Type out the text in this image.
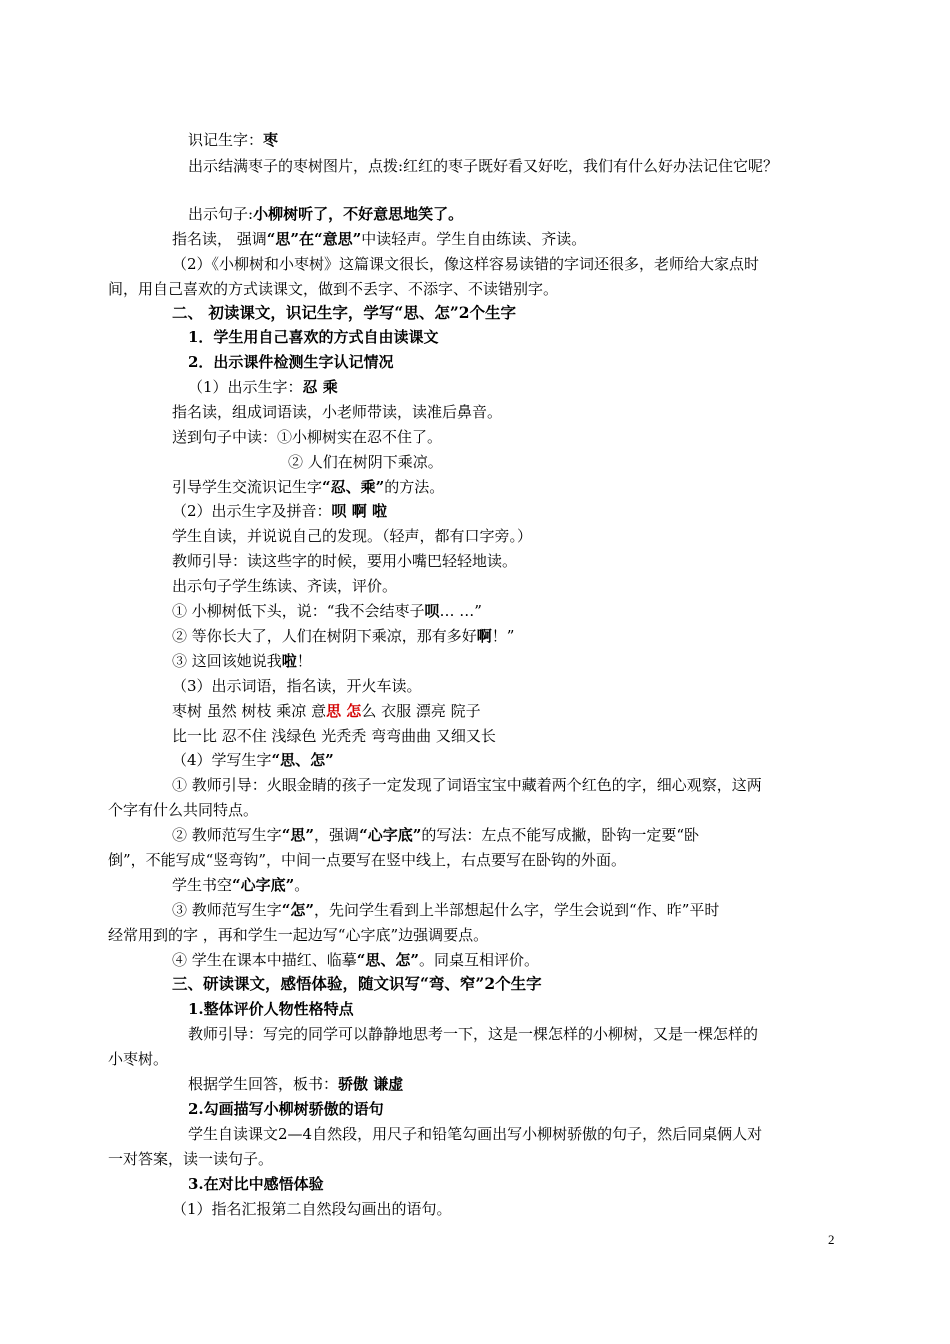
识记生字：枣
出示结满枣子的枣树图片，点拨:红红的枣子既好看又好吃，我们有什么好办法记住它呢？
出示句子:小柳树听了，不好意思地笑了。
指名读， 强调“思”在“意思”中读轻声。学生自由练读、齐读。
（2）《小柳树和小枣树》这篇课文很长，像这样容易读错的字词还很多，老师给大家点时
间，用自己喜欢的方式读课文，做到不丢字、不添字、不读错别字。
二、 初读课文，识记生字，学写“思、怎”2个生字
1．学生用自己喜欢的方式自由读课文
2．出示课件检测生字认记情况
（1）出示生字：忍 乘
指名读，组成词语读，小老师带读，读准后鼻音。
送到句子中读：①小柳树实在忍不住了。
② 人们在树阴下乘凉。
引导学生交流识记生字“忍、乘”的方法。
（2）出示生字及拼音：呗 啊 啦
学生自读，并说说自己的发现。（轻声，都有口字旁。）
教师引导：读这些字的时候，要用小嘴巴轻轻地读。
出示句子学生练读、齐读，评价。
① 小柳树低下头，说：“我不会结枣子呗… …”
② 等你长大了，人们在树阴下乘凉，那有多好啊！”
③ 这回该她说我啦！
（3）出示词语，指名读，开火车读。
枣树 虽然 树枝 乘凉 意思 怎么 衣服 漂亮 院子
比一比 忍不住 浅绿色 光秃秃 弯弯曲曲 又细又长
（4）学写生字“思、怎”
① 教师引导：火眼金睛的孩子一定发现了词语宝宝中藏着两个红色的字，细心观察，这两
个字有什么共同特点。
② 教师范写生字“思”，强调“心字底”的写法：左点不能写成撇，卧钩一定要“卧
倒”，不能写成“竖弯钩”，中间一点要写在竖中线上，右点要写在卧钩的外面。
学生书空“心字底”。
③ 教师范写生字“怎”，先问学生看到上半部想起什么字，学生会说到“作、昨”平时
经常用到的字 ，再和学生一起边写“心字底”边强调要点。
④ 学生在课本中描红、临摹“思、怎”。同桌互相评价。
三、研读课文，感悟体验，随文识写“弯、窄”2个生字
1.整体评价人物性格特点
教师引导：写完的同学可以静静地思考一下，这是一棵怎样的小柳树，又是一棵怎样的
小枣树。
根据学生回答，板书：骄傲 谦虚
2.勾画描写小柳树骄傲的语句
学生自读课文2—4自然段，用尺子和铅笔勾画出写小柳树骄傲的句子，然后同桌俩人对
一对答案，读一读句子。
3.在对比中感悟体验
（1）指名汇报第二自然段勾画出的语句。
2
